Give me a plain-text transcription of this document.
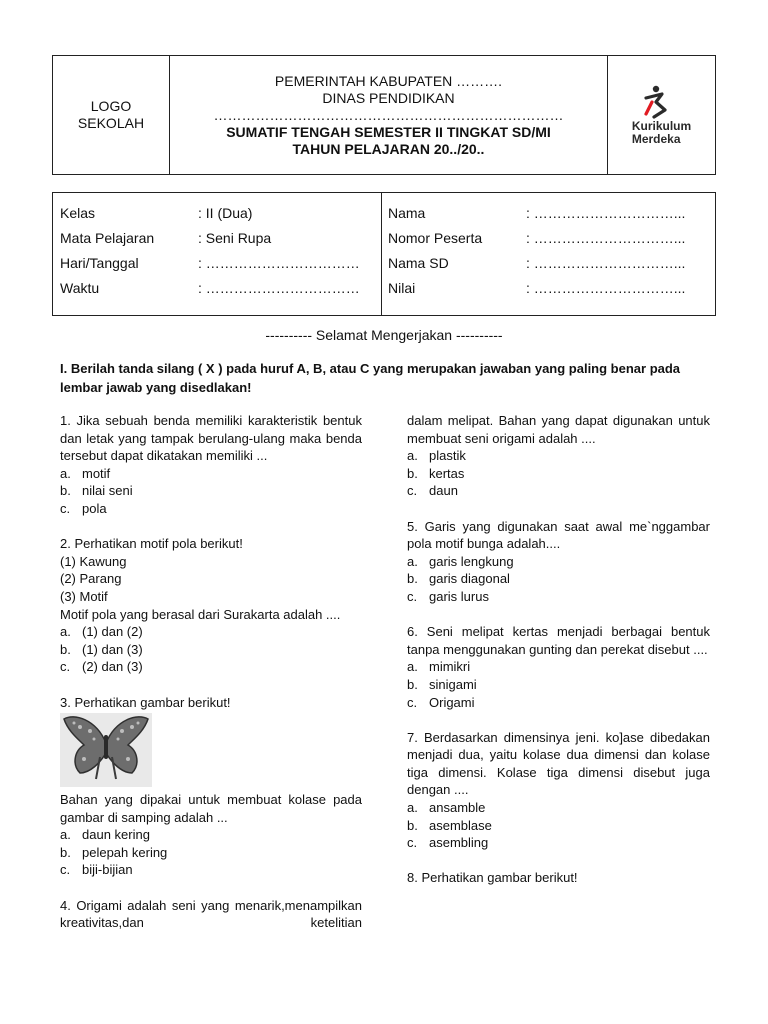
LOGO
SEKOLAH
PEMERINTAH KABUPATEN ……….
DINAS PENDIDIKAN
…………………………………………………………………
SUMATIF TENGAH SEMESTER II TINGKAT SD/MI
TAHUN PELAJARAN 20../20..
Kurikulum
Merdeka
Kelas	: II (Dua)
Mata Pelajaran	: Seni Rupa
Hari/Tanggal	: ……………………………
Waktu	: ……………………………
Nama	: …………………………...
Nomor Peserta	: …………………………...
Nama SD	: …………………………...
Nilai	: …………………………...
---------- Selamat Mengerjakan ----------
I. Berilah tanda silang ( X ) pada huruf A, B, atau C yang merupakan jawaban yang paling benar pada lembar jawab yang disedlakan!
1. Jika sebuah benda memiliki karakteristik bentuk dan letak yang tampak berulang-ulang maka benda tersebut dapat dikatakan memiliki ...
a. motif
b. nilai seni
c. pola
2. Perhatikan motif pola berikut!
(1) Kawung
(2) Parang
(3) Motif
Motif pola yang berasal dari Surakarta adalah ....
a. (1) dan (2)
b. (1) dan (3)
c. (2) dan (3)
3. Perhatikan gambar berikut!
Bahan yang dipakai untuk membuat kolase pada gambar di samping adalah ...
a. daun kering
b. pelepah kering
c. biji-bijian
4. Origami adalah seni yang menarik,menampilkan kreativitas,dan ketelitian
dalam melipat. Bahan yang dapat digunakan untuk membuat seni origami adalah ....
a. plastik
b. kertas
c. daun
5. Garis yang digunakan saat awal me`nggambar pola motif bunga adalah....
a. garis lengkung
b. garis diagonal
c. garis lurus
6. Seni melipat kertas menjadi berbagai bentuk tanpa menggunakan gunting dan perekat disebut ....
a. mimikri
b. sinigami
c. Origami
7. Berdasarkan dimensinya jeni. ko]ase dibedakan menjadi dua, yaitu kolase dua dimensi dan kolase tiga dimensi. Kolase tiga dimensi disebut juga dengan ....
a. ansamble
b. asemblase
c. asembling
8. Perhatikan gambar berikut!
